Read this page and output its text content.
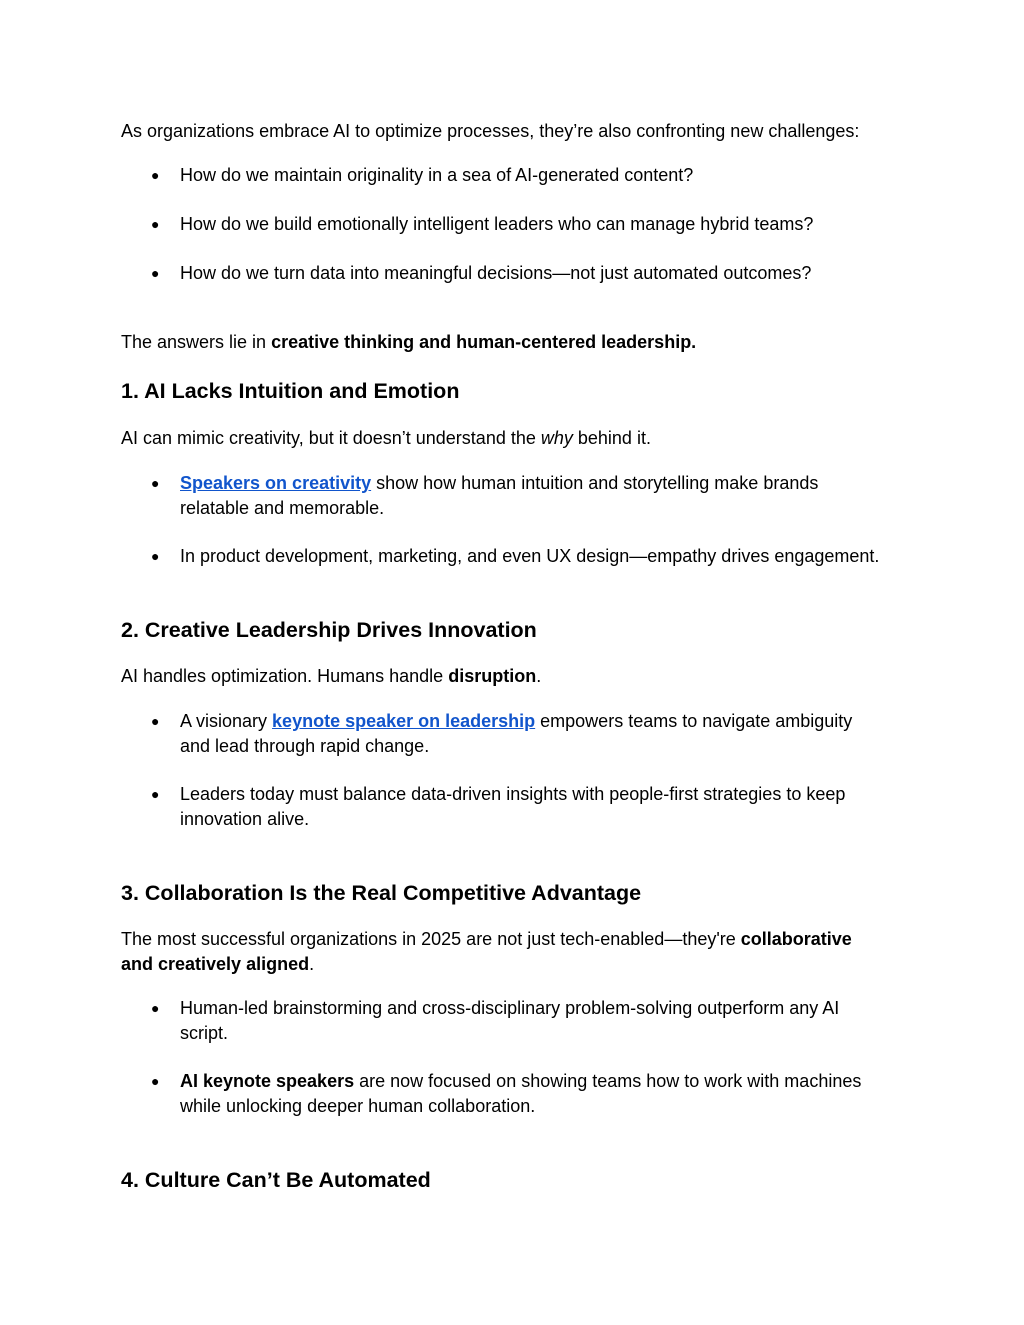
As organizations embrace AI to optimize processes, they’re also confronting new challenges:

● How do we maintain originality in a sea of AI-generated content?
● How do we build emotionally intelligent leaders who can manage hybrid teams?
● How do we turn data into meaningful decisions—not just automated outcomes?

The answers lie in creative thinking and human-centered leadership.

1. AI Lacks Intuition and Emotion

AI can mimic creativity, but it doesn’t understand the why behind it.

● Speakers on creativity show how human intuition and storytelling make brands relatable and memorable.
● In product development, marketing, and even UX design—empathy drives engagement.
2. Creative Leadership Drives Innovation

AI handles optimization. Humans handle disruption.

● A visionary keynote speaker on leadership empowers teams to navigate ambiguity and lead through rapid change.
● Leaders today must balance data-driven insights with people-first strategies to keep innovation alive.
3. Collaboration Is the Real Competitive Advantage

The most successful organizations in 2025 are not just tech-enabled—they're collaborative and creatively aligned.

● Human-led brainstorming and cross-disciplinary problem-solving outperform any AI script.
● AI keynote speakers are now focused on showing teams how to work with machines while unlocking deeper human collaboration.
4. Culture Can’t Be Automated
